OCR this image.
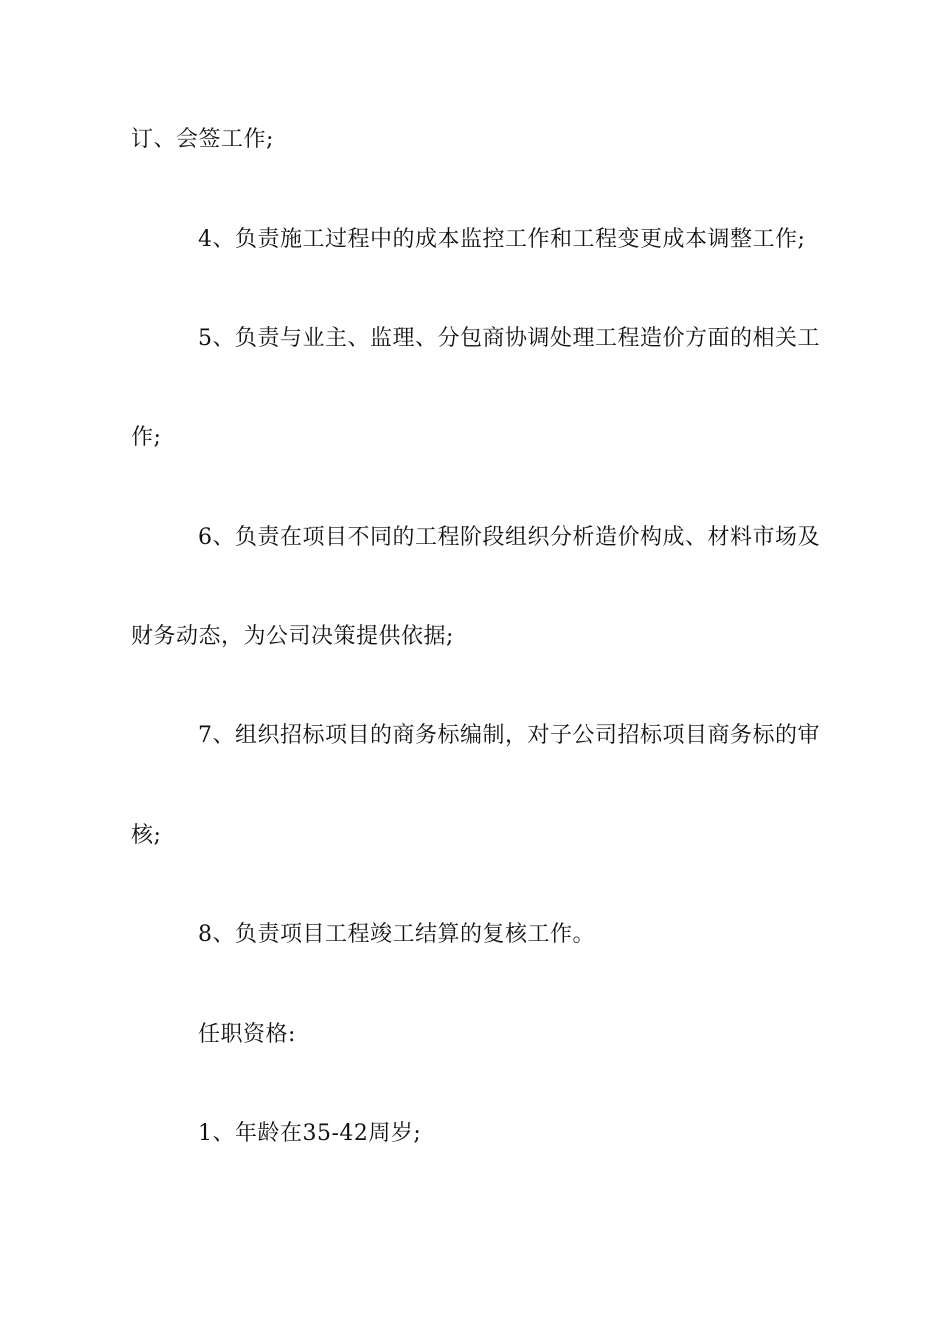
订、会签工作;
4、负责施工过程中的成本监控工作和工程变更成本调整工作;
5、负责与业主、监理、分包商协调处理工程造价方面的相关工
作;
6、负责在项目不同的工程阶段组织分析造价构成、材料市场及
财务动态，为公司决策提供依据;
7、组织招标项目的商务标编制，对子公司招标项目商务标的审
核;
8、负责项目工程竣工结算的复核工作。
任职资格:
1、年龄在35-42周岁;
